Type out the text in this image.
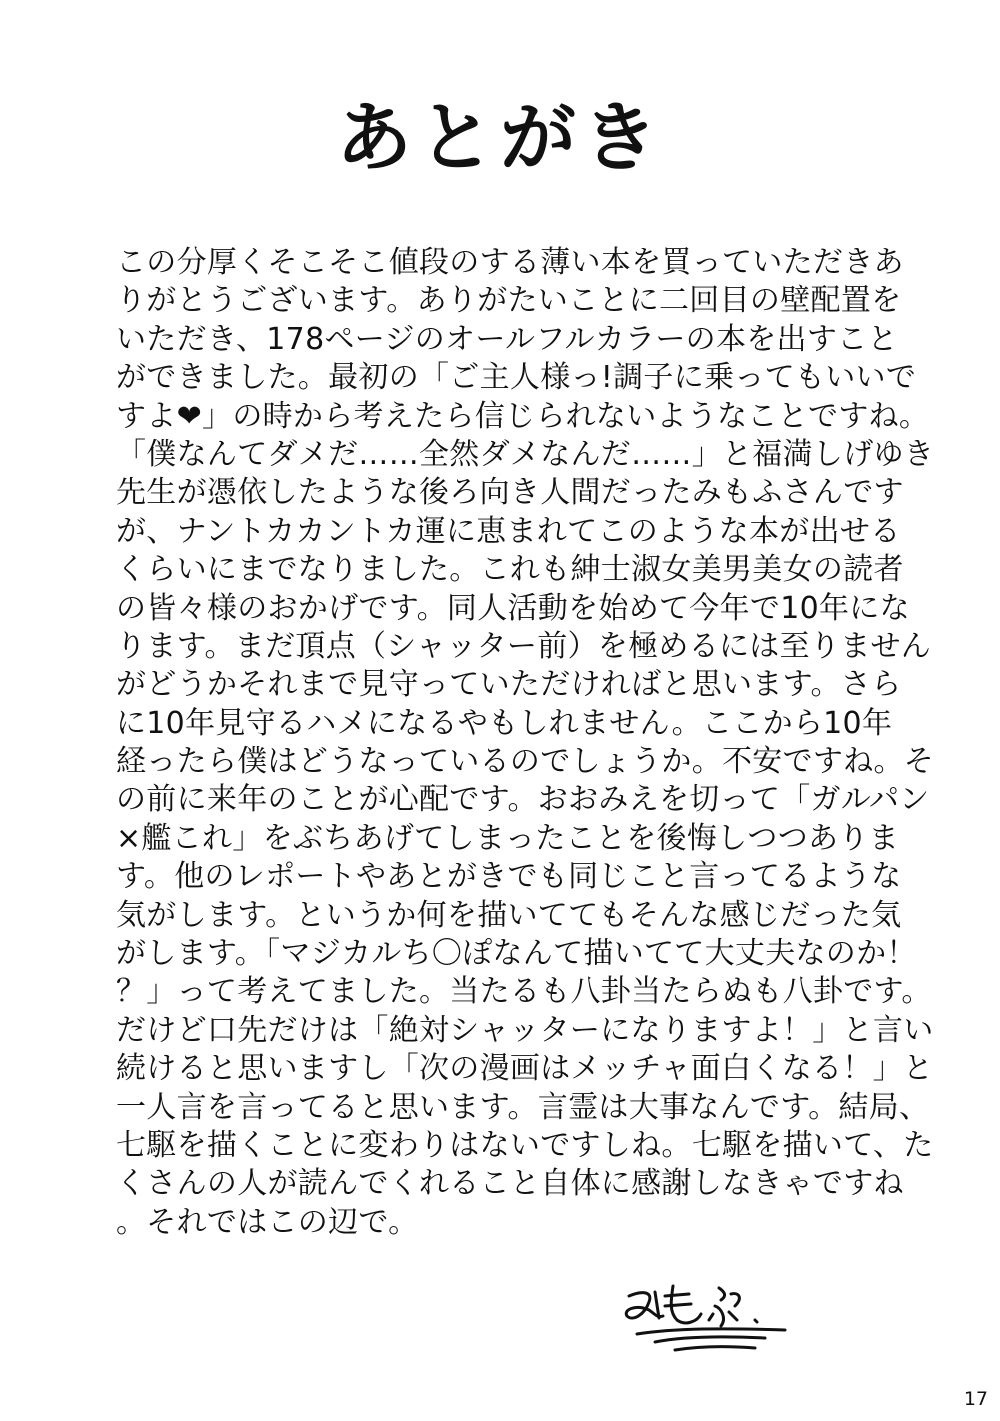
あとがき
この分厚くそこそこ値段のする薄い本を買っていただきあ
りがとうございます。ありがたいことに二回目の壁配置を
いただき、178ページのオールフルカラーの本を出すこと
ができました。最初の「ご主人様っ!調子に乗ってもいいで
すよ❤」の時から考えたら信じられないようなことですね。
「僕なんてダメだ……全然ダメなんだ……」と福満しげゆき
先生が憑依したような後ろ向き人間だったみもふさんです
が、ナントカカントカ運に恵まれてこのような本が出せる
くらいにまでなりました。これも紳士淑女美男美女の読者
の皆々様のおかげです。同人活動を始めて今年で10年にな
ります。まだ頂点（シャッター前）を極めるには至りません
がどうかそれまで見守っていただければと思います。さら
に10年見守るハメになるやもしれません。ここから10年
経ったら僕はどうなっているのでしょうか。不安ですね。そ
の前に来年のことが心配です。おおみえを切って「ガルパン
×艦これ」をぶちあげてしまったことを後悔しつつありま
す。他のレポートやあとがきでも同じこと言ってるような
気がします。というか何を描いててもそんな感じだった気
がします。「マジカルち〇ぽなんて描いてて大丈夫なのか！
？」って考えてました。当たるも八卦当たらぬも八卦です。
だけど口先だけは「絶対シャッターになりますよ！」と言い
続けると思いますし「次の漫画はメッチャ面白くなる！」と
一人言を言ってると思います。言霊は大事なんです。結局、
七駆を描くことに変わりはないですしね。七駆を描いて、た
くさんの人が読んでくれること自体に感謝しなきゃですね
。それではこの辺で。
17
